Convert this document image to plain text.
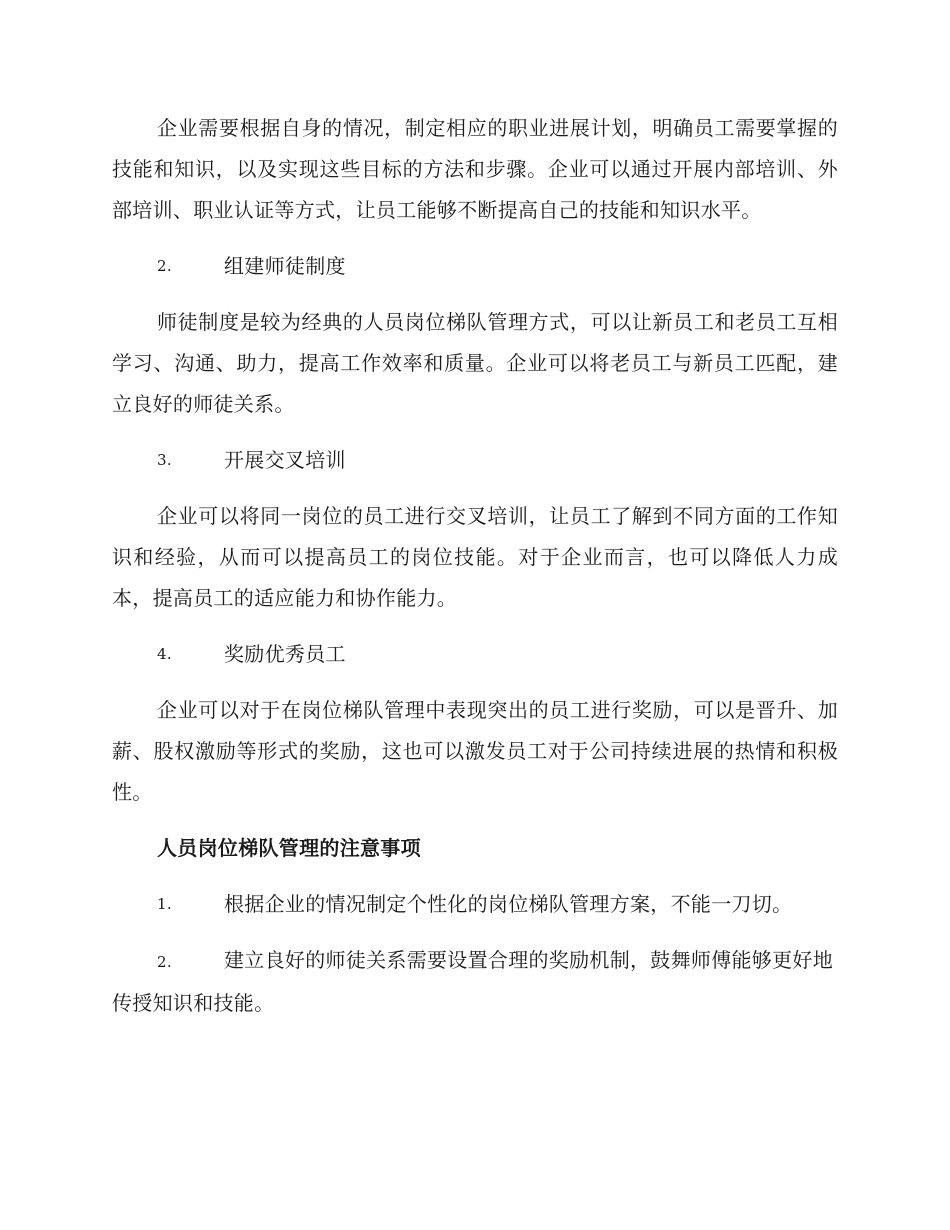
企业需要根据自身的情况，制定相应的职业进展计划，明确员工需要掌握的技能和知识，以及实现这些目标的方法和步骤。企业可以通过开展内部培训、外部培训、职业认证等方式，让员工能够不断提高自己的技能和知识水平。

2.	组建师徒制度

师徒制度是较为经典的人员岗位梯队管理方式，可以让新员工和老员工互相学习、沟通、助力，提高工作效率和质量。企业可以将老员工与新员工匹配，建立良好的师徒关系。

3.	开展交叉培训

企业可以将同一岗位的员工进行交叉培训，让员工了解到不同方面的工作知识和经验，从而可以提高员工的岗位技能。对于企业而言，也可以降低人力成本，提高员工的适应能力和协作能力。

4.	奖励优秀员工

企业可以对于在岗位梯队管理中表现突出的员工进行奖励，可以是晋升、加薪、股权激励等形式的奖励，这也可以激发员工对于公司持续进展的热情和积极性。

人员岗位梯队管理的注意事项

1.	根据企业的情况制定个性化的岗位梯队管理方案，不能一刀切。

2.	建立良好的师徒关系需要设置合理的奖励机制，鼓舞师傅能够更好地传授知识和技能。
